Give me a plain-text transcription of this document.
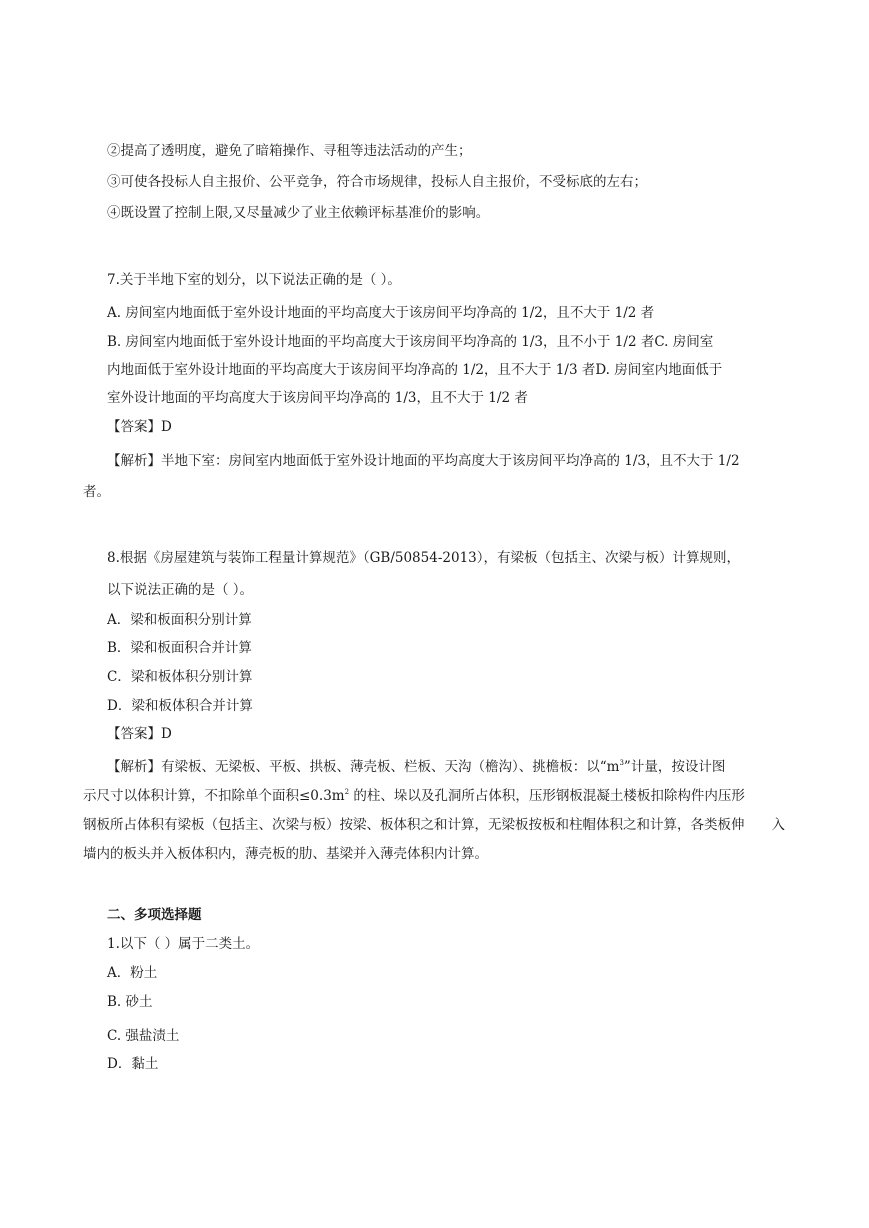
②提高了透明度，避免了暗箱操作、寻租等违法活动的产生；
③可使各投标人自主报价、公平竞争，符合市场规律，投标人自主报价，不受标底的左右；
④既设置了控制上限,又尽量减少了业主依赖评标基准价的影响。
7.关于半地下室的划分，以下说法正确的是（ ）。
A. 房间室内地面低于室外设计地面的平均高度大于该房间平均净高的 1/2，且不大于 1/2 者
B. 房间室内地面低于室外设计地面的平均高度大于该房间平均净高的 1/3，且不小于 1/2 者C. 房间室
内地面低于室外设计地面的平均高度大于该房间平均净高的 1/2，且不大于 1/3 者D. 房间室内地面低于
室外设计地面的平均高度大于该房间平均净高的 1/3，且不大于 1/2 者
【答案】D
【解析】半地下室：房间室内地面低于室外设计地面的平均高度大于该房间平均净高的 1/3，且不大于 1/2
者。
8.根据《房屋建筑与装饰工程量计算规范》（GB/50854-2013），有梁板（包括主、次梁与板）计算规则，
以下说法正确的是（ ）。
A．梁和板面积分别计算
B．梁和板面积合并计算
C．梁和板体积分别计算
D．梁和板体积合并计算
【答案】D
【解析】有梁板、无梁板、平板、拱板、薄壳板、栏板、天沟（檐沟）、挑檐板：以“$m^3$”计量，按设计图
示尺寸以体积计算，不扣除单个面积$\le 0.3m^2$ 的柱、垛以及孔洞所占体积，压形钢板混凝土楼板扣除构件内压形
钢板所占体积有梁板（包括主、次梁与板）按梁、板体积之和计算，无梁板按板和柱帽体积之和计算，各类板伸　　入
墙内的板头并入板体积内，薄壳板的肋、基梁并入薄壳体积内计算。
二、多项选择题
1.以下（ ）属于二类土。
A．粉土
B. 砂土
C. 强盐渍土
D．黏土
